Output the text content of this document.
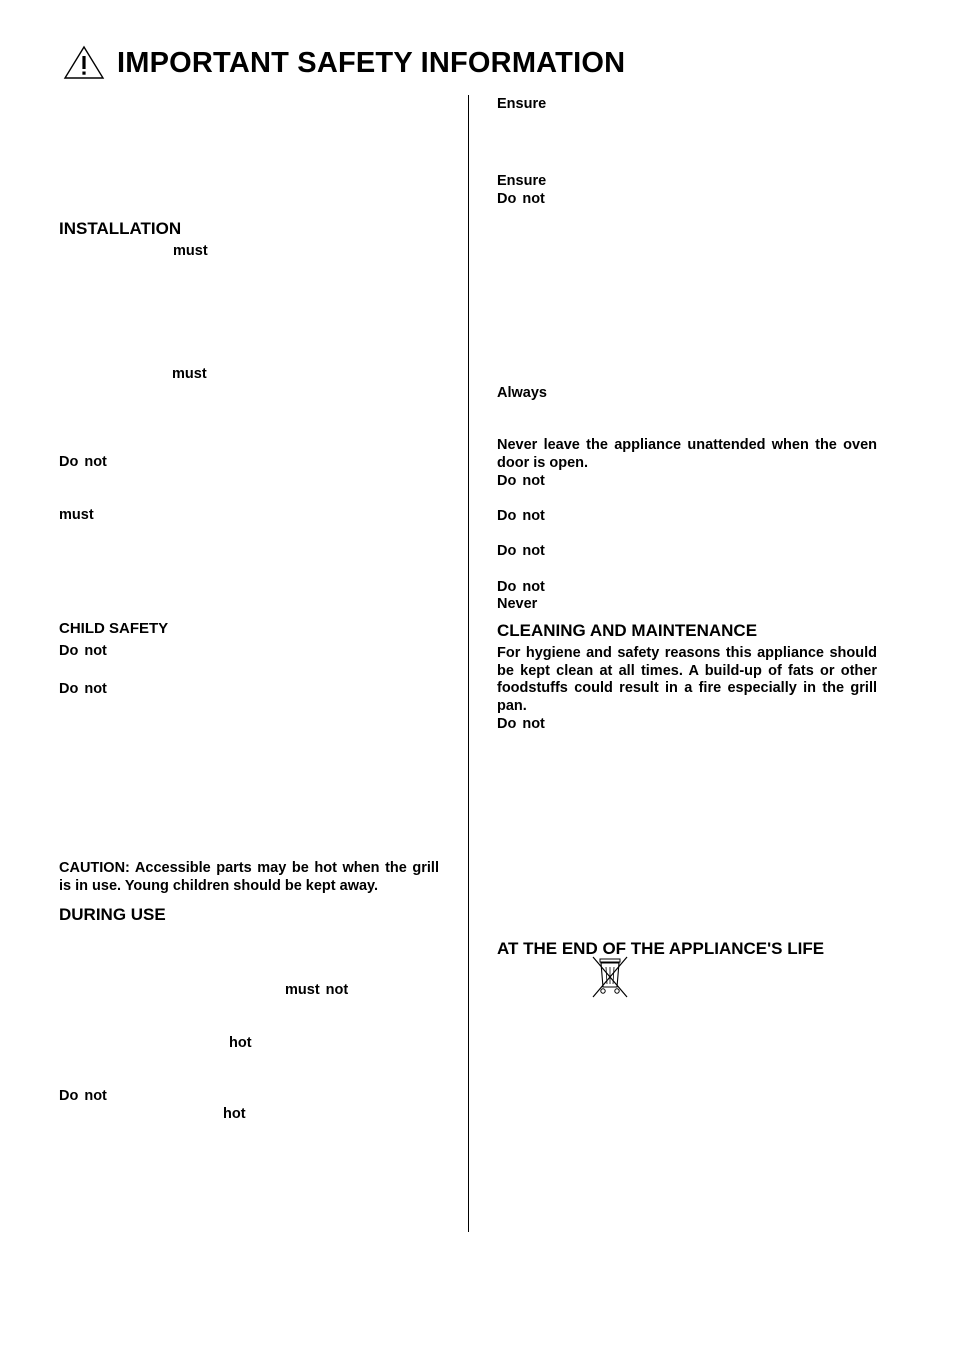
IMPORTANT SAFETY INFORMATION
INSTALLATION
must
must
Do not
must
CHILD SAFETY
Do not
Do not
CAUTION: Accessible parts may be hot when the grill is in use. Young children should be kept away.
DURING USE
must not
hot
Do not
hot
Ensure
Ensure
Do not
Always
Never leave the appliance unattended when the oven door is open.
Do not
Do not
Do not
Do not
Never
CLEANING AND MAINTENANCE
For hygiene and safety reasons this appliance should be kept clean at all times. A build-up of fats or other foodstuffs could result in a fire especially in the grill pan.
Do not
AT THE END OF THE APPLIANCE'S LIFE
